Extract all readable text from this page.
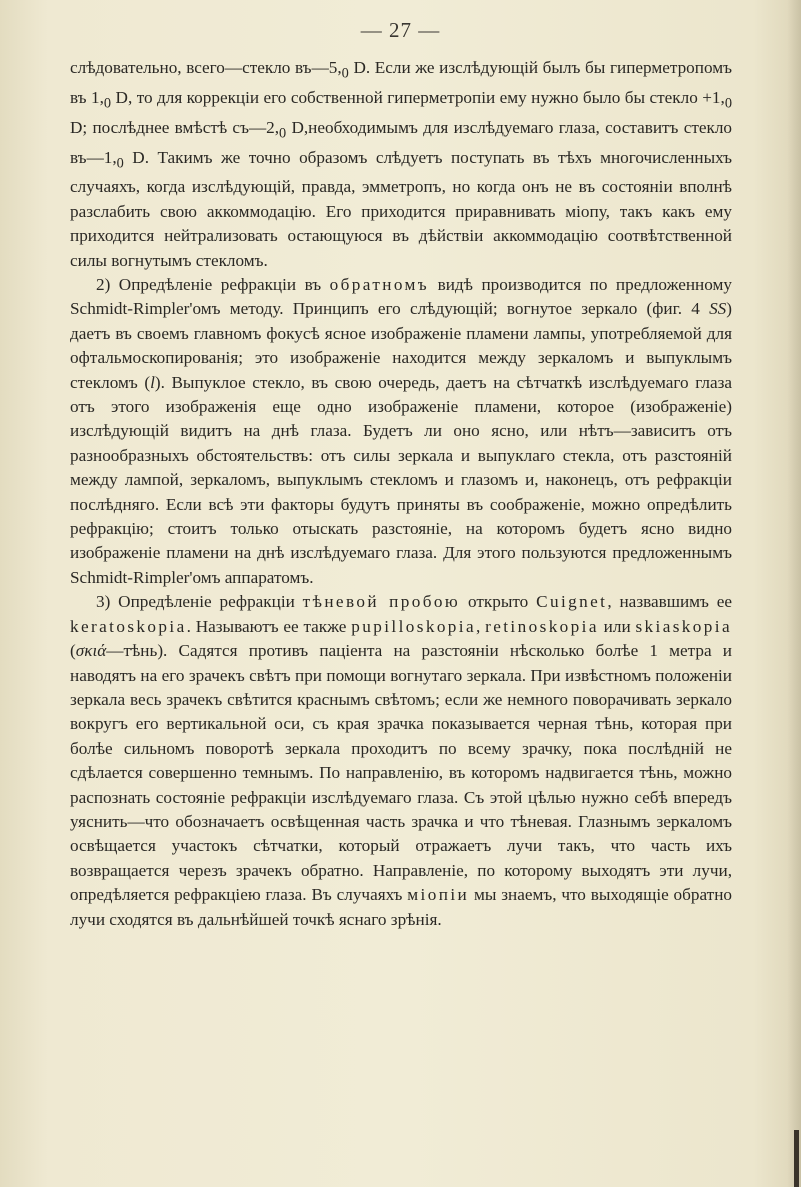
— 27 —

слѣдовательно, всего—стекло $въ—5,_0$ D. Если же изслѣдующій былъ бы гиперметропомъ въ $1,_0$ D, то для коррекціи его собственной гиперметропіи ему нужно было бы стекло $+1,_0$ D; послѣднее вмѣстѣ $съ—2,_0$ D,необходимымъ для изслѣдуемаго глаза, составитъ стекло $въ—1,_0$ D. Такимъ же точно образомъ слѣдуетъ поступать въ тѣхъ многочисленныхъ случаяхъ, когда изслѣдующій, правда, эмметропъ, но когда онъ не въ состояніи вполнѣ разслабить свою аккоммодацію. Его приходится приравнивать міопу, такъ какъ ему приходится нейтрализовать остающуюся въ дѣйствіи аккоммодацію соотвѣтственной силы вогнутымъ стекломъ.

2) Опредѣленіе рефракціи въ обратномъ видѣ производится по предложенному Schmidt-Rimpler'омъ методу. Принципъ его слѣдующій; вогнутое зеркало (фиг. 4 SS) даетъ въ своемъ главномъ фокусѣ ясное изображеніе пламени лампы, употребляемой для офтальмоскопированія; это изображеніе находится между зеркаломъ и выпуклымъ стекломъ (l). Выпуклое стекло, въ свою очередь, даетъ на сѣтчаткѣ изслѣдуемаго глаза отъ этого изображенія еще одно изображеніе пламени, которое (изображеніе) изслѣдующій видитъ на днѣ глаза. Будетъ ли оно ясно, или нѣтъ—зависитъ отъ разнообразныхъ обстоятельствъ: отъ силы зеркала и выпуклаго стекла, отъ разстояній между лампой, зеркаломъ, выпуклымъ стекломъ и глазомъ и, наконецъ, отъ рефракціи послѣдняго. Если всѣ эти факторы будутъ приняты въ соображеніе, можно опредѣлить рефракцію; стоитъ только отыскать разстояніе, на которомъ будетъ ясно видно изображеніе пламени на днѣ изслѣдуемаго глаза. Для этого пользуются предложеннымъ Schmidt-Rimpler'омъ аппаратомъ.

3) Опредѣленіе рефракціи тѣневой пробою открыто Cuignet, назвавшимъ ее keratoskopia. Называютъ ее также pupilloskopia, retinoskopia или skiaskopia (σκιά—тѣнь). Садятся противъ паціента на разстояніи нѣсколько болѣе 1 метра и наводятъ на его зрачекъ свѣтъ при помощи вогнутаго зеркала. При извѣстномъ положеніи зеркала весь зрачекъ свѣтится краснымъ свѣтомъ; если же немного поворачивать зеркало вокругъ его вертикальной оси, съ края зрачка показывается черная тѣнь, которая при болѣе сильномъ поворотѣ зеркала проходитъ по всему зрачку, пока послѣдній не сдѣлается совершенно темнымъ. По направленію, въ которомъ надвигается тѣнь, можно распознать состояніе рефракціи изслѣдуемаго глаза. Съ этой цѣлью нужно себѣ впередъ уяснить—что обозначаетъ освѣщенная часть зрачка и что тѣневая. Глазнымъ зеркаломъ освѣщается участокъ сѣтчатки, который отражаетъ лучи такъ, что часть ихъ возвращается черезъ зрачекъ обратно. Направленіе, по которому выходятъ эти лучи, опредѣляется рефракціею глаза. Въ случаяхъ міопіи мы знаемъ, что выходящіе обратно лучи сходятся въ дальнѣйшей точкѣ яснаго зрѣнія.
